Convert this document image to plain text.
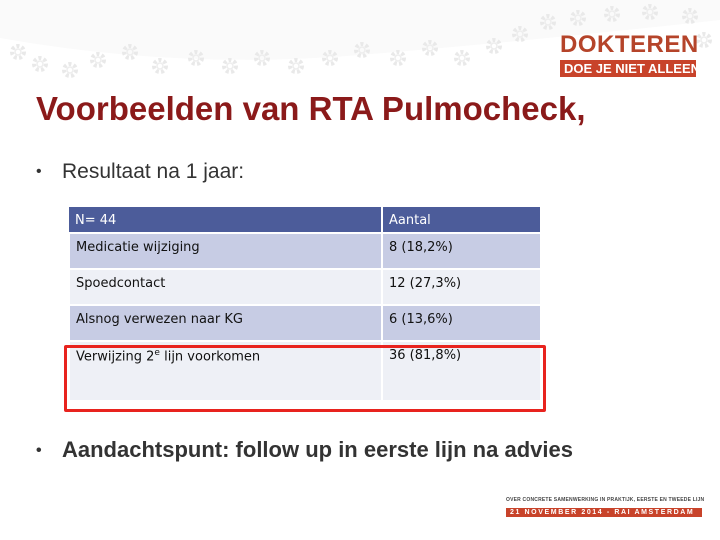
DOKTEREN
DOE JE NIET ALLEEN
Voorbeelden van RTA Pulmocheck,

• Resultaat na 1 jaar:

N= 44	Aantal
Medicatie wijziging	8 (18,2%)
Spoedcontact	12 (27,3%)
Alsnog verwezen naar KG	6 (13,6%)
Verwijzing 2e lijn voorkomen	36 (81,8%)

• Aandachtspunt: follow up in eerste lijn na advies

OVER CONCRETE SAMENWERKING IN PRAKTIJK, EERSTE EN TWEEDE LIJN
21 NOVEMBER 2014 - RAI AMSTERDAM
